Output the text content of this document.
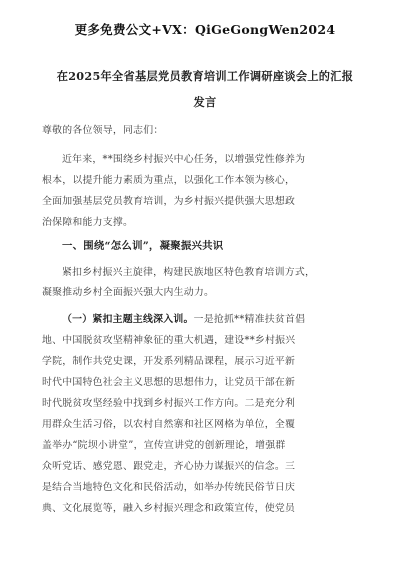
更多免费公文+VX：QiGeGongWen2024
在2025年全省基层党员教育培训工作调研座谈会上的汇报
发言
尊敬的各位领导，同志们：
近年来，**围绕乡村振兴中心任务，以增强党性修养为
根本，以提升能力素质为重点，以强化工作本领为核心，
全面加强基层党员教育培训，为乡村振兴提供强大思想政
治保障和能力支撑。
一、围绕“怎么训”，凝聚振兴共识
紧扣乡村振兴主旋律，构建民族地区特色教育培训方式，
凝聚推动乡村全面振兴强大内生动力。
（一）紧扣主题主线深入训。一是抢抓**精准扶贫首倡
地、中国脱贫攻坚精神象征的重大机遇，建设**乡村振兴
学院，制作共党史课，开发系列精品课程，展示习近平新
时代中国特色社会主义思想的思想伟力，让党员干部在新
时代脱贫攻坚经验中找到乡村振兴工作方向。二是充分利
用群众生活习俗，以农村自然寨和社区网格为单位，全覆
盖举办“院坝小讲堂”，宣传宣讲党的创新理论，增强群
众听党话、感党恩、跟党走，齐心协力谋振兴的信念。三
是结合当地特色文化和民俗活动，如举办传统民俗节日庆
典、文化展览等，融入乡村振兴理念和政策宣传，使党员
